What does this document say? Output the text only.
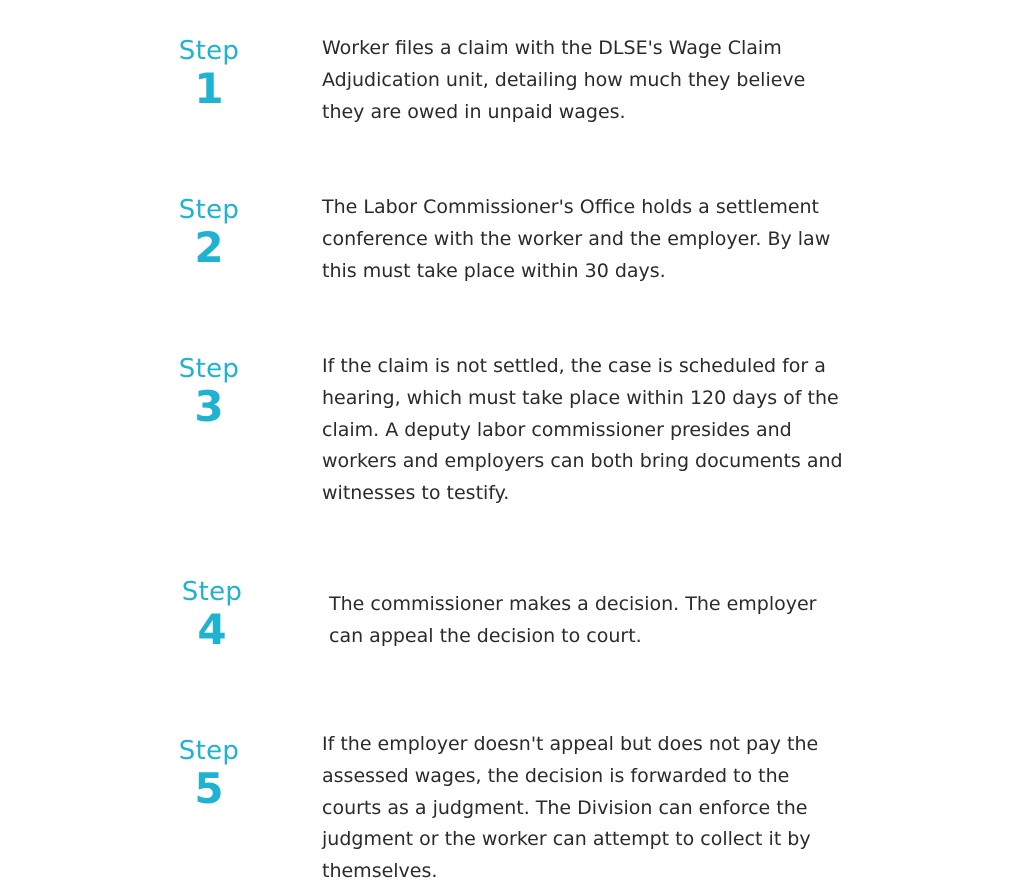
Step
1

Worker files a claim with the DLSE's Wage Claim Adjudication unit, detailing how much they believe they are owed in unpaid wages.

Step
2

The Labor Commissioner's Office holds a settlement conference with the worker and the employer. By law this must take place within 30 days.

Step
3

If the claim is not settled, the case is scheduled for a hearing, which must take place within 120 days of the claim. A deputy labor commissioner presides and workers and employers can both bring documents and witnesses to testify.

Step
4

The commissioner makes a decision. The employer can appeal the decision to court.

Step
5

If the employer doesn't appeal but does not pay the assessed wages, the decision is forwarded to the courts as a judgment. The Division can enforce the judgment or the worker can attempt to collect it by themselves.
